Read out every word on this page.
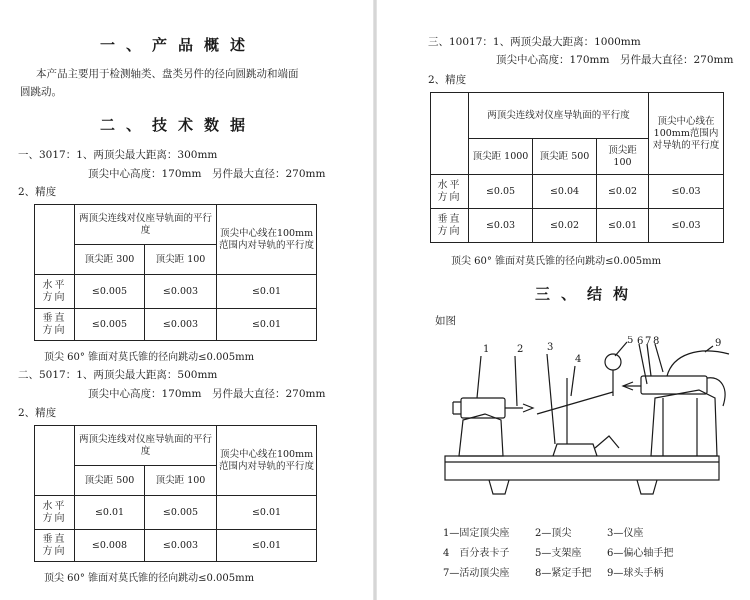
一、产品概述
本产品主要用于检测轴类、盘类另件的径向圆跳动和端面
圆跳动。
二、技术数据
一、3017：1、两顶尖最大距离：300mm
顶尖中心高度：170mm　另件最大直径：270mm
2、精度
	两顶尖连线对仪座导轨面的平行度		顶尖中心线在100mm范围内对导轨的平行度
	顶尖距 300	顶尖距 100	
水平方向	≤0.005	≤0.003	≤0.01
垂直方向	≤0.005	≤0.003	≤0.01
顶尖 60° 锥面对莫氏锥的径向跳动≤0.005mm
二、5017：1、两顶尖最大距离：500mm
顶尖中心高度：170mm　另件最大直径：270mm
2、精度
	两顶尖连线对仪座导轨面的平行度		顶尖中心线在100mm范围内对导轨的平行度
	顶尖距 500	顶尖距 100	
水平方向	≤0.01	≤0.005	≤0.01
垂直方向	≤0.008	≤0.003	≤0.01
顶尖 60° 锥面对莫氏锥的径向跳动≤0.005mm
三、10017：1、两顶尖最大距离：1000mm
顶尖中心高度：170mm　另件最大直径：270mm
2、精度
	两顶尖连线对仪座导轨面的平行度			顶尖中心线在100mm范围内对导轨的平行度
	顶尖距 1000	顶尖距 500	顶尖距 100	
水平方向	≤0.05	≤0.04	≤0.02	≤0.03
垂直方向	≤0.03	≤0.02	≤0.01	≤0.03
顶尖 60° 锥面对莫氏锥的径向跳动≤0.005mm
三、结构
如图
1	2 3
4
5 6 7 8	9
1—固定顶尖座	2—顶尖	3—仪座
4　百分表卡子	5—支架座	6—偏心轴手把
7—活动顶尖座	8—紧定手把 9—球头手柄
